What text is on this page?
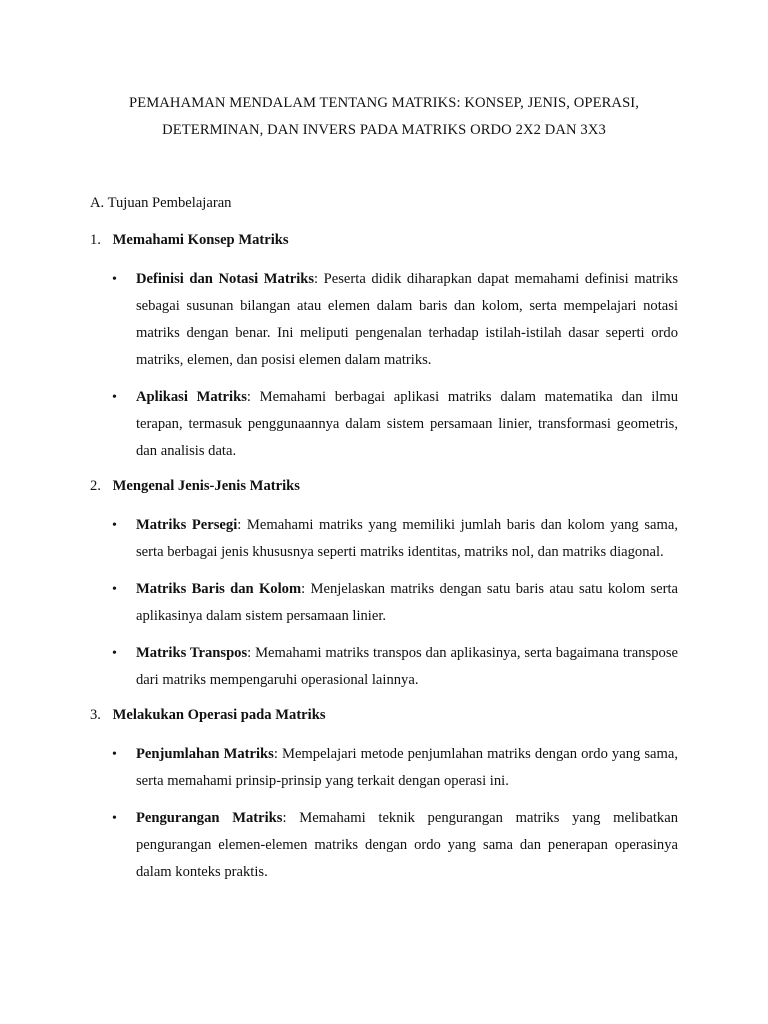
PEMAHAMAN MENDALAM TENTANG MATRIKS: KONSEP, JENIS, OPERASI,
DETERMINAN, DAN INVERS PADA MATRIKS ORDO 2X2 DAN 3X3
A. Tujuan Pembelajaran
1. Memahami Konsep Matriks
• Definisi dan Notasi Matriks: Peserta didik diharapkan dapat memahami definisi matriks sebagai susunan bilangan atau elemen dalam baris dan kolom, serta mempelajari notasi matriks dengan benar. Ini meliputi pengenalan terhadap istilah-istilah dasar seperti ordo matriks, elemen, dan posisi elemen dalam matriks.
• Aplikasi Matriks: Memahami berbagai aplikasi matriks dalam matematika dan ilmu terapan, termasuk penggunaannya dalam sistem persamaan linier, transformasi geometris, dan analisis data.
2. Mengenal Jenis-Jenis Matriks
• Matriks Persegi: Memahami matriks yang memiliki jumlah baris dan kolom yang sama, serta berbagai jenis khususnya seperti matriks identitas, matriks nol, dan matriks diagonal.
• Matriks Baris dan Kolom: Menjelaskan matriks dengan satu baris atau satu kolom serta aplikasinya dalam sistem persamaan linier.
• Matriks Transpos: Memahami matriks transpos dan aplikasinya, serta bagaimana transpose dari matriks mempengaruhi operasional lainnya.
3. Melakukan Operasi pada Matriks
• Penjumlahan Matriks: Mempelajari metode penjumlahan matriks dengan ordo yang sama, serta memahami prinsip-prinsip yang terkait dengan operasi ini.
• Pengurangan Matriks: Memahami teknik pengurangan matriks yang melibatkan pengurangan elemen-elemen matriks dengan ordo yang sama dan penerapan operasinya dalam konteks praktis.
